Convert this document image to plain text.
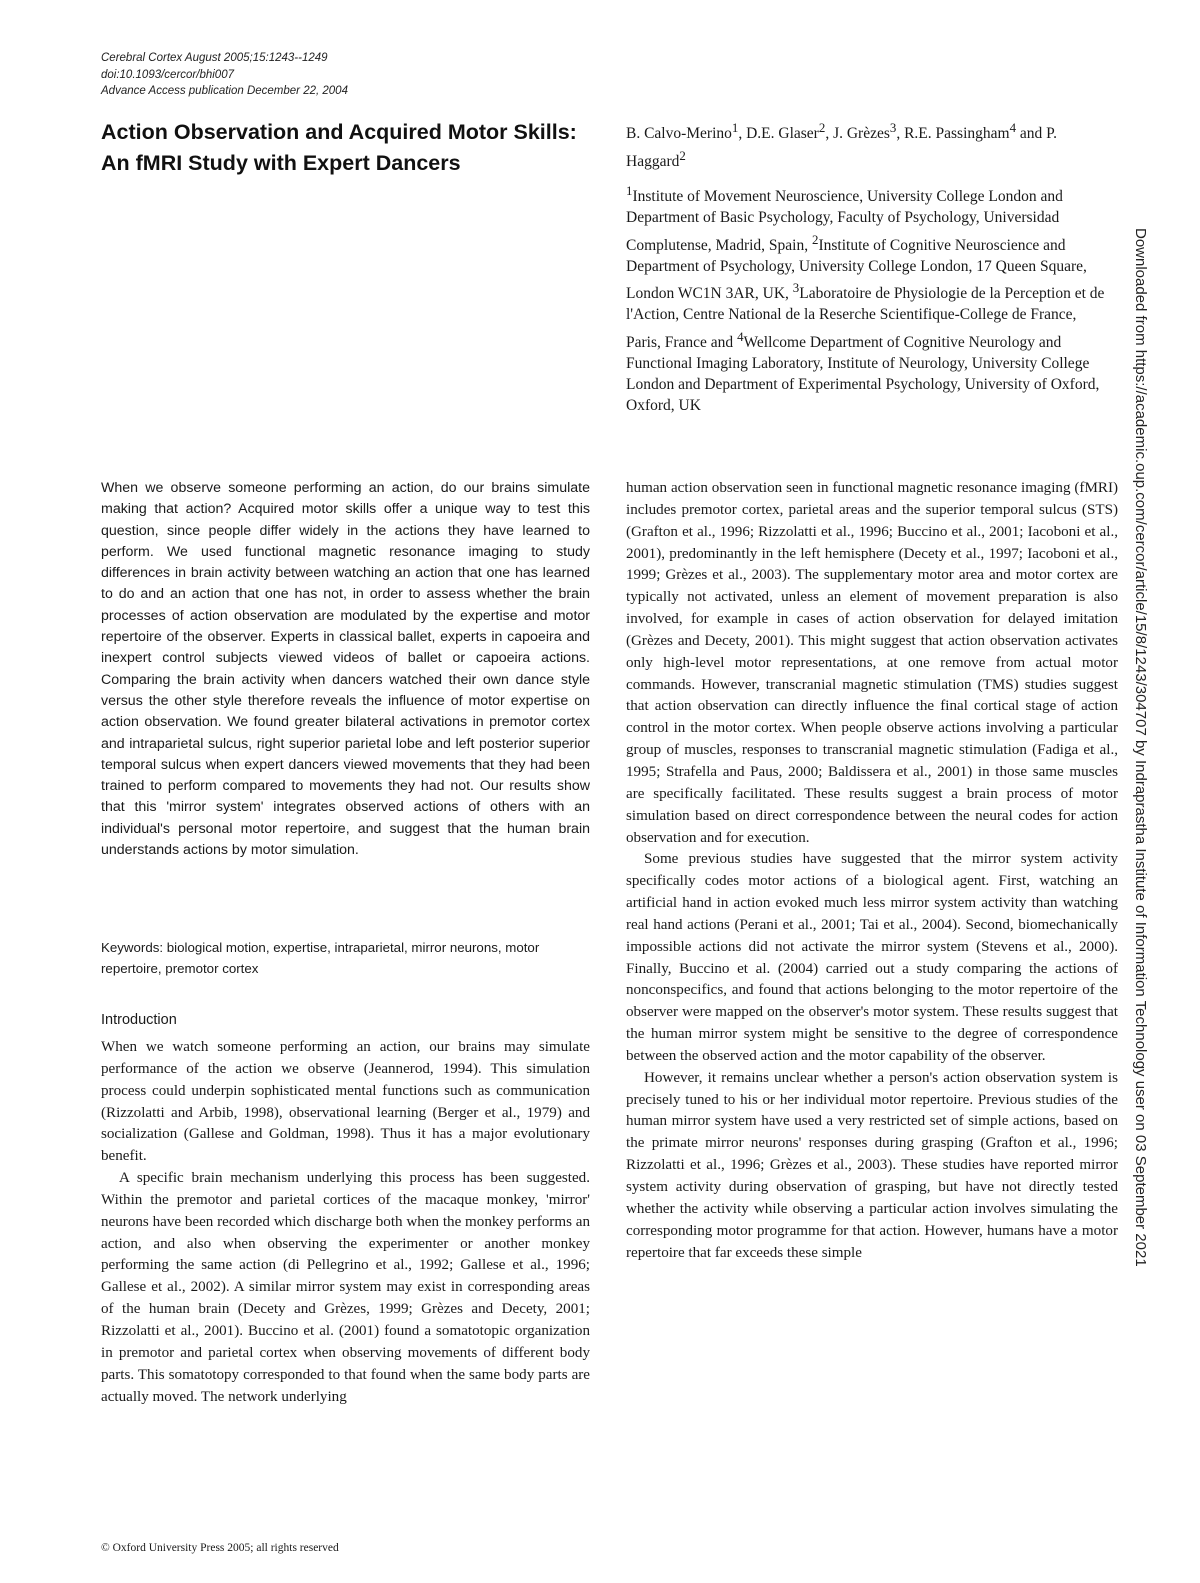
Cerebral Cortex August 2005;15:1243--1249
doi:10.1093/cercor/bhi007
Advance Access publication December 22, 2004
Action Observation and Acquired Motor Skills: An fMRI Study with Expert Dancers
B. Calvo-Merino$^1$, D.E. Glaser$^2$, J. Grèzes$^3$, R.E. Passingham$^4$ and P. Haggard$^2$
$^1$Institute of Movement Neuroscience, University College London and Department of Basic Psychology, Faculty of Psychology, Universidad Complutense, Madrid, Spain, $^2$Institute of Cognitive Neuroscience and Department of Psychology, University College London, 17 Queen Square, London WC1N 3AR, UK, $^3$Laboratoire de Physiologie de la Perception et de l'Action, Centre National de la Reserche Scientifique-College de France, Paris, France and $^4$Wellcome Department of Cognitive Neurology and Functional Imaging Laboratory, Institute of Neurology, University College London and Department of Experimental Psychology, University of Oxford, Oxford, UK

When we observe someone performing an action, do our brains simulate making that action? Acquired motor skills offer a unique way to test this question, since people differ widely in the actions they have learned to perform. We used functional magnetic resonance imaging to study differences in brain activity between watching an action that one has learned to do and an action that one has not, in order to assess whether the brain processes of action observation are modulated by the expertise and motor repertoire of the observer. Experts in classical ballet, experts in capoeira and inexpert control subjects viewed videos of ballet or capoeira actions. Comparing the brain activity when dancers watched their own dance style versus the other style therefore reveals the influence of motor expertise on action observation. We found greater bilateral activations in premotor cortex and intraparietal sulcus, right superior parietal lobe and left posterior superior temporal sulcus when expert dancers viewed movements that they had been trained to perform compared to movements they had not. Our results show that this 'mirror system' integrates observed actions of others with an individual's personal motor repertoire, and suggest that the human brain understands actions by motor simulation.

Keywords: biological motion, expertise, intraparietal, mirror neurons, motor repertoire, premotor cortex

Introduction

When we watch someone performing an action, our brains may simulate performance of the action we observe (Jeannerod, 1994). This simulation process could underpin sophisticated mental functions such as communication (Rizzolatti and Arbib, 1998), observational learning (Berger et al., 1979) and socialization (Gallese and Goldman, 1998). Thus it has a major evolutionary benefit.

A specific brain mechanism underlying this process has been suggested. Within the premotor and parietal cortices of the macaque monkey, 'mirror' neurons have been recorded which discharge both when the monkey performs an action, and also when observing the experimenter or another monkey performing the same action (di Pellegrino et al., 1992; Gallese et al., 1996; Gallese et al., 2002). A similar mirror system may exist in corresponding areas of the human brain (Decety and Grèzes, 1999; Grèzes and Decety, 2001; Rizzolatti et al., 2001). Buccino et al. (2001) found a somatotopic organization in premotor and parietal cortex when observing movements of different body parts. This somatotopy corresponded to that found when the same body parts are actually moved. The network underlying

human action observation seen in functional magnetic resonance imaging (fMRI) includes premotor cortex, parietal areas and the superior temporal sulcus (STS) (Grafton et al., 1996; Rizzolatti et al., 1996; Buccino et al., 2001; Iacoboni et al., 2001), predominantly in the left hemisphere (Decety et al., 1997; Iacoboni et al., 1999; Grèzes et al., 2003). The supplementary motor area and motor cortex are typically not activated, unless an element of movement preparation is also involved, for example in cases of action observation for delayed imitation (Grèzes and Decety, 2001). This might suggest that action observation activates only high-level motor representations, at one remove from actual motor commands. However, transcranial magnetic stimulation (TMS) studies suggest that action observation can directly influence the final cortical stage of action control in the motor cortex. When people observe actions involving a particular group of muscles, responses to transcranial magnetic stimulation (Fadiga et al., 1995; Strafella and Paus, 2000; Baldissera et al., 2001) in those same muscles are specifically facilitated. These results suggest a brain process of motor simulation based on direct correspondence between the neural codes for action observation and for execution.

Some previous studies have suggested that the mirror system activity specifically codes motor actions of a biological agent. First, watching an artificial hand in action evoked much less mirror system activity than watching real hand actions (Perani et al., 2001; Tai et al., 2004). Second, biomechanically impossible actions did not activate the mirror system (Stevens et al., 2000). Finally, Buccino et al. (2004) carried out a study comparing the actions of nonconspecifics, and found that actions belonging to the motor repertoire of the observer were mapped on the observer's motor system. These results suggest that the human mirror system might be sensitive to the degree of correspondence between the observed action and the motor capability of the observer.

However, it remains unclear whether a person's action observation system is precisely tuned to his or her individual motor repertoire. Previous studies of the human mirror system have used a very restricted set of simple actions, based on the primate mirror neurons' responses during grasping (Grafton et al., 1996; Rizzolatti et al., 1996; Grèzes et al., 2003). These studies have reported mirror system activity during observation of grasping, but have not directly tested whether the activity while observing a particular action involves simulating the corresponding motor programme for that action. However, humans have a motor repertoire that far exceeds these simple

© Oxford University Press 2005; all rights reserved
Downloaded from https://academic.oup.com/cercor/article/15/8/1243/304707 by Indraprastha Institute of Information Technology user on 03 September 2021
